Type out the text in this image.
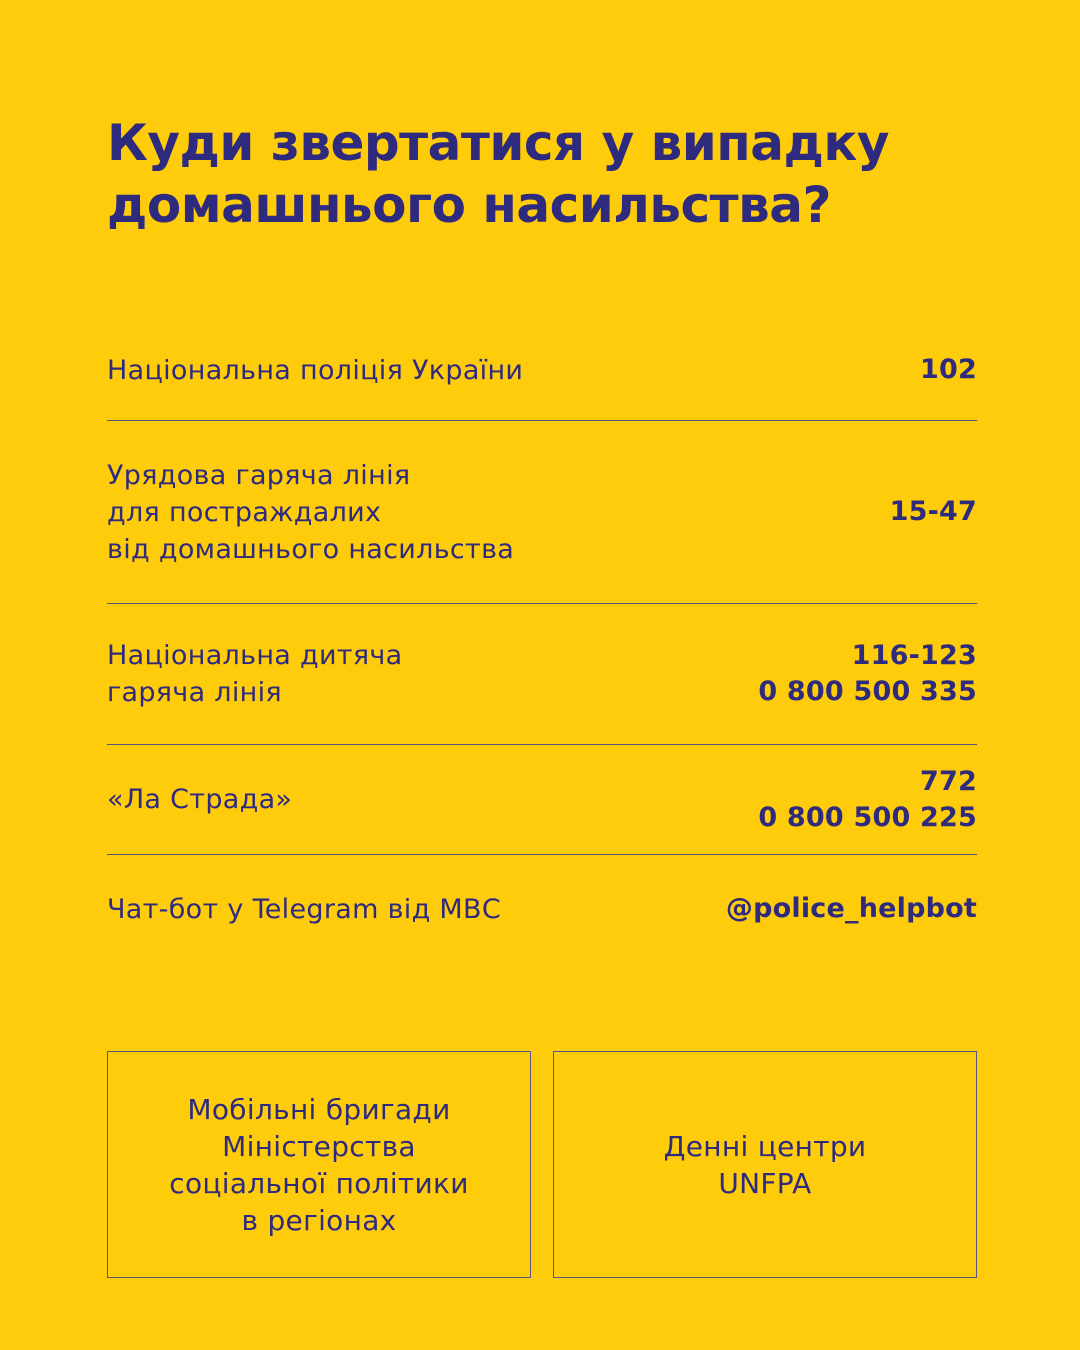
Куди звертатися у випадку
домашнього насильства?
Національна поліція України	102
Урядова гаряча лінія
для постраждалих
від домашнього насильства
15-47
Національна дитяча
гаряча лінія
116-123
0 800 500 335
«Ла Страда»
772
0 800 500 225
Чат-бот у Telegram від МВС	@police_helpbot
Мобільні бригади
Міністерства
соціальної політики
в регіонах
Денні центри
UNFPA
